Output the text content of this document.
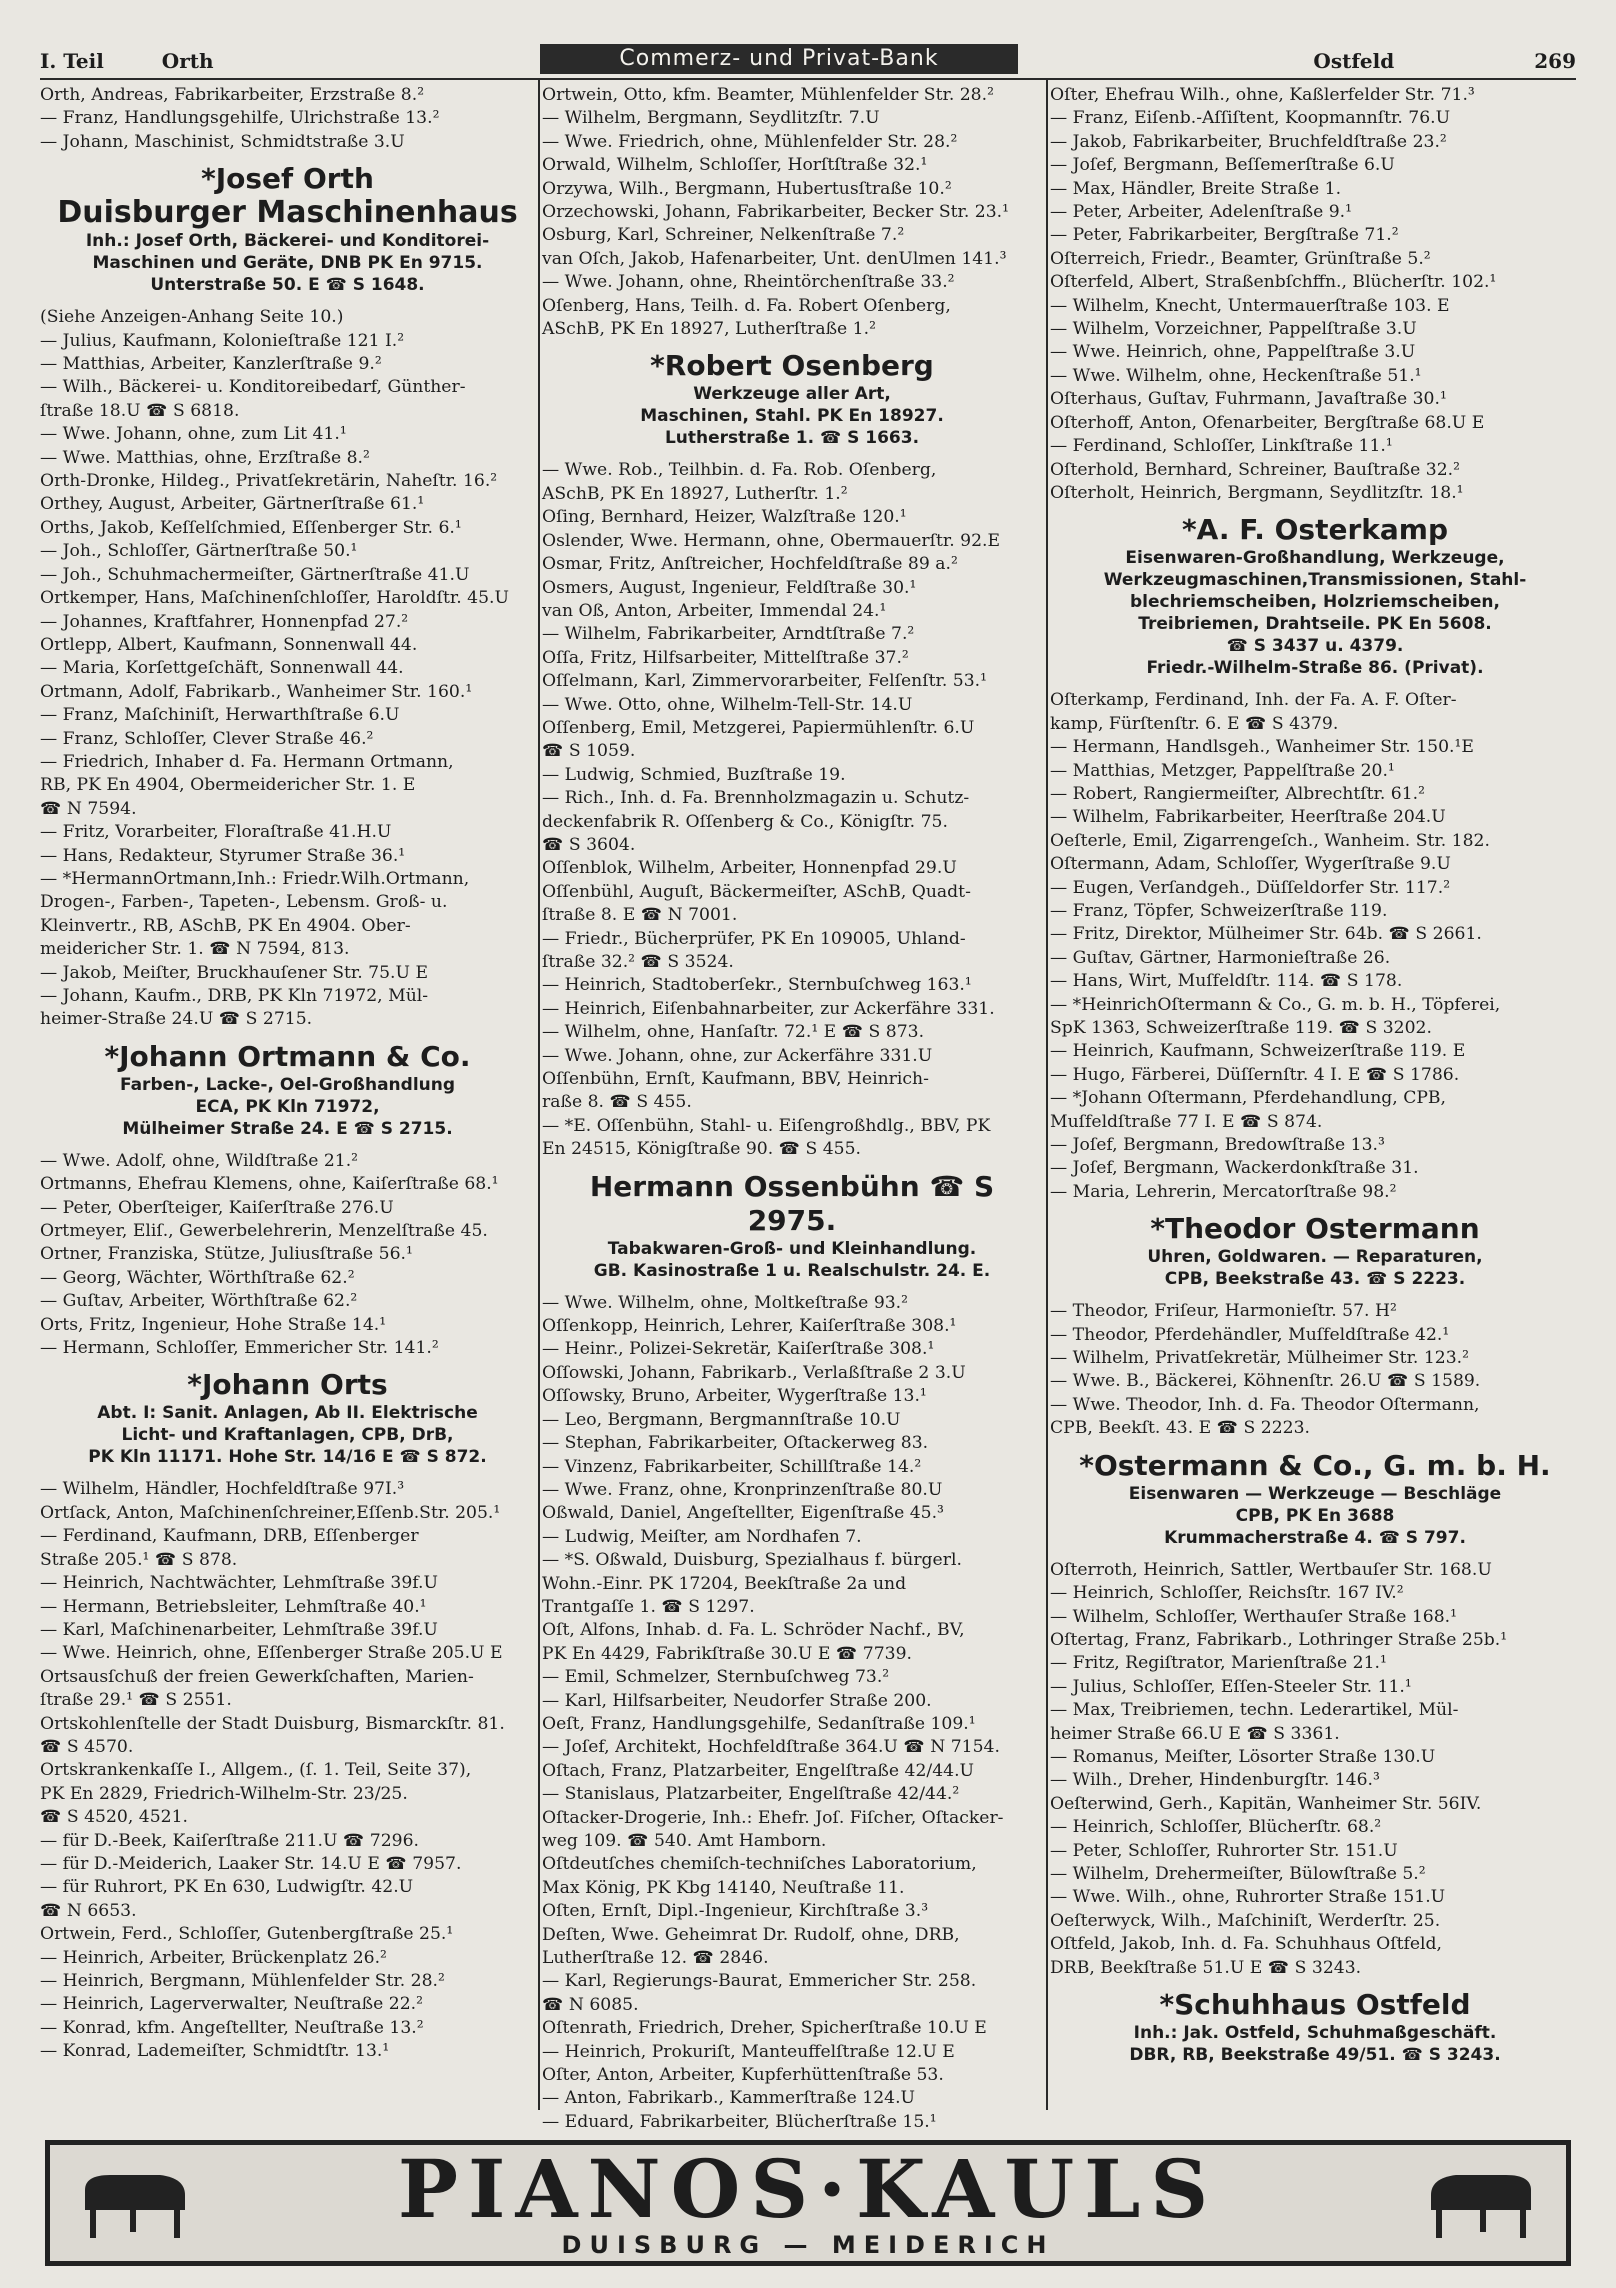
I. Teil	Orth	Ostfeld	269
Commerz- und Privat-Bank
Orth, Andreas, Fabrikarbeiter, Erzstraße 8.²
— Franz, Handlungsgehilfe, Ulrichstraße 13.²
— Johann, Maschinist, Schmidtstraße 3.U
*Josef Orth
Duisburger Maschinenhaus
Inh.: Josef Orth, Bäckerei- und Konditorei-
Maschinen und Geräte, DNB PK En 9715.
Unterstraße 50. E ☎ S 1648.
(Siehe Anzeigen-Anhang Seite 10.)
— Julius, Kaufmann, Kolonieſtraße 121 I.²
— Matthias, Arbeiter, Kanzlerſtraße 9.²
— Wilh., Bäckerei- u. Konditoreibedarf, Günther-
ſtraße 18.U ☎ S 6818.
— Wwe. Johann, ohne, zum Lit 41.¹
— Wwe. Matthias, ohne, Erzſtraße 8.²
Orth-Dronke, Hildeg., Privatſekretärin, Naheſtr. 16.²
Orthey, August, Arbeiter, Gärtnerſtraße 61.¹
Orths, Jakob, Keſſelſchmied, Eſſenberger Str. 6.¹
— Joh., Schloſſer, Gärtnerſtraße 50.¹
— Joh., Schuhmachermeiſter, Gärtnerſtraße 41.U
Ortkemper, Hans, Maſchinenſchloſſer, Haroldſtr. 45.U
— Johannes, Kraftfahrer, Honnenpfad 27.²
Ortlepp, Albert, Kaufmann, Sonnenwall 44.
— Maria, Korſettgeſchäft, Sonnenwall 44.
Ortmann, Adolf, Fabrikarb., Wanheimer Str. 160.¹
— Franz, Maſchiniſt, Herwarthſtraße 6.U
— Franz, Schloſſer, Clever Straße 46.²
— Friedrich, Inhaber d. Fa. Hermann Ortmann,
RB, PK En 4904, Obermeidericher Str. 1. E
☎ N 7594.
— Fritz, Vorarbeiter, Floraſtraße 41.H.U
— Hans, Redakteur, Styrumer Straße 36.¹
— *HermannOrtmann,Inh.: Friedr.Wilh.Ortmann,
Drogen-, Farben-, Tapeten-, Lebensm. Groß- u.
Kleinvertr., RB, ASchB, PK En 4904. Ober-
meidericher Str. 1. ☎ N 7594, 813.
— Jakob, Meiſter, Bruckhauſener Str. 75.U E
— Johann, Kaufm., DRB, PK Kln 71972, Mül-
heimer-Straße 24.U ☎ S 2715.
*Johann Ortmann & Co.
Farben-, Lacke-, Oel-Großhandlung
ECA, PK Kln 71972,
Mülheimer Straße 24. E ☎ S 2715.
— Wwe. Adolf, ohne, Wildſtraße 21.²
Ortmanns, Ehefrau Klemens, ohne, Kaiſerſtraße 68.¹
— Peter, Oberſteiger, Kaiſerſtraße 276.U
Ortmeyer, Eliſ., Gewerbelehrerin, Menzelſtraße 45.
Ortner, Franziska, Stütze, Juliusſtraße 56.¹
— Georg, Wächter, Wörthſtraße 62.²
— Guſtav, Arbeiter, Wörthſtraße 62.²
Orts, Fritz, Ingenieur, Hohe Straße 14.¹
— Hermann, Schloſſer, Emmericher Str. 141.²
*Johann Orts
Abt. I: Sanit. Anlagen, Ab II. Elektrische
Licht- und Kraftanlagen, CPB, DrB,
PK Kln 11171. Hohe Str. 14/16 E ☎ S 872.
— Wilhelm, Händler, Hochfeldſtraße 97I.³
Ortſack, Anton, Maſchinenſchreiner,Eſſenb.Str. 205.¹
— Ferdinand, Kaufmann, DRB, Eſſenberger
Straße 205.¹ ☎ S 878.
— Heinrich, Nachtwächter, Lehmſtraße 39f.U
— Hermann, Betriebsleiter, Lehmſtraße 40.¹
— Karl, Maſchinenarbeiter, Lehmſtraße 39f.U
— Wwe. Heinrich, ohne, Eſſenberger Straße 205.U E
Ortsausſchuß der freien Gewerkſchaften, Marien-
ſtraße 29.¹ ☎ S 2551.
Ortskohlenſtelle der Stadt Duisburg, Bismarckſtr. 81.
☎ S 4570.
Ortskrankenkaſſe I., Allgem., (ſ. 1. Teil, Seite 37),
PK En 2829, Friedrich-Wilhelm-Str. 23/25.
☎ S 4520, 4521.
— für D.-Beek, Kaiſerſtraße 211.U ☎ 7296.
— für D.-Meiderich, Laaker Str. 14.U E ☎ 7957.
— für Ruhrort, PK En 630, Ludwigſtr. 42.U
☎ N 6653.
Ortwein, Ferd., Schloſſer, Gutenbergſtraße 25.¹
— Heinrich, Arbeiter, Brückenplatz 26.²
— Heinrich, Bergmann, Mühlenfelder Str. 28.²
— Heinrich, Lagerverwalter, Neuſtraße 22.²
— Konrad, kfm. Angeſtellter, Neuſtraße 13.²
— Konrad, Lademeiſter, Schmidtſtr. 13.¹
Ortwein, Otto, kfm. Beamter, Mühlenfelder Str. 28.²
— Wilhelm, Bergmann, Seydlitzſtr. 7.U
— Wwe. Friedrich, ohne, Mühlenfelder Str. 28.²
Orwald, Wilhelm, Schloſſer, Horſtſtraße 32.¹
Orzywa, Wilh., Bergmann, Hubertusſtraße 10.²
Orzechowski, Johann, Fabrikarbeiter, Becker Str. 23.¹
Osburg, Karl, Schreiner, Nelkenſtraße 7.²
van Oſch, Jakob, Hafenarbeiter, Unt. denUlmen 141.³
— Wwe. Johann, ohne, Rheintörchenſtraße 33.²
Oſenberg, Hans, Teilh. d. Fa. Robert Oſenberg,
ASchB, PK En 18927, Lutherſtraße 1.²
*Robert Osenberg
Werkzeuge aller Art,
Maschinen, Stahl. PK En 18927.
Lutherstraße 1. ☎ S 1663.
— Wwe. Rob., Teilhbin. d. Fa. Rob. Oſenberg,
ASchB, PK En 18927, Lutherſtr. 1.²
Oſing, Bernhard, Heizer, Walzſtraße 120.¹
Oslender, Wwe. Hermann, ohne, Obermauerſtr. 92.E
Osmar, Fritz, Anſtreicher, Hochfeldſtraße 89 a.²
Osmers, August, Ingenieur, Feldſtraße 30.¹
van Oß, Anton, Arbeiter, Immendal 24.¹
— Wilhelm, Fabrikarbeiter, Arndtſtraße 7.²
Oſſa, Fritz, Hilfsarbeiter, Mittelſtraße 37.²
Oſſelmann, Karl, Zimmervorarbeiter, Felſenſtr. 53.¹
— Wwe. Otto, ohne, Wilhelm-Tell-Str. 14.U
Oſſenberg, Emil, Metzgerei, Papiermühlenſtr. 6.U
☎ S 1059.
— Ludwig, Schmied, Buzſtraße 19.
— Rich., Inh. d. Fa. Brennholzmagazin u. Schutz-
deckenfabrik R. Oſſenberg & Co., Königſtr. 75.
☎ S 3604.
Oſſenblok, Wilhelm, Arbeiter, Honnenpfad 29.U
Oſſenbühl, Auguſt, Bäckermeiſter, ASchB, Quadt-
ſtraße 8. E ☎ N 7001.
— Friedr., Bücherprüfer, PK En 109005, Uhland-
ſtraße 32.² ☎ S 3524.
— Heinrich, Stadtoberſekr., Sternbuſchweg 163.¹
— Heinrich, Eiſenbahnarbeiter, zur Ackerfähre 331.
— Wilhelm, ohne, Hanſaſtr. 72.¹ E ☎ S 873.
— Wwe. Johann, ohne, zur Ackerfähre 331.U
Oſſenbühn, Ernſt, Kaufmann, BBV, Heinrich-
raße 8. ☎ S 455.
— *E. Oſſenbühn, Stahl- u. Eiſengroßhdlg., BBV, PK
En 24515, Königſtraße 90. ☎ S 455.
Hermann Ossenbühn ☎ S 2975.
Tabakwaren-Groß- und Kleinhandlung.
GB. Kasinostraße 1 u. Realschulstr. 24. E.
— Wwe. Wilhelm, ohne, Moltkeſtraße 93.²
Oſſenkopp, Heinrich, Lehrer, Kaiſerſtraße 308.¹
— Heinr., Polizei-Sekretär, Kaiſerſtraße 308.¹
Oſſowski, Johann, Fabrikarb., Verlaßſtraße 2 3.U
Oſſowsky, Bruno, Arbeiter, Wygerſtraße 13.¹
— Leo, Bergmann, Bergmannſtraße 10.U
— Stephan, Fabrikarbeiter, Oſtackerweg 83.
— Vinzenz, Fabrikarbeiter, Schillſtraße 14.²
— Wwe. Franz, ohne, Kronprinzenſtraße 80.U
Oßwald, Daniel, Angeſtellter, Eigenſtraße 45.³
— Ludwig, Meiſter, am Nordhafen 7.
— *S. Oßwald, Duisburg, Spezialhaus f. bürgerl.
Wohn.-Einr. PK 17204, Beekſtraße 2a und
Trantgaſſe 1. ☎ S 1297.
Oſt, Alfons, Inhab. d. Fa. L. Schröder Nachf., BV,
PK En 4429, Fabrikſtraße 30.U E ☎ 7739.
— Emil, Schmelzer, Sternbuſchweg 73.²
— Karl, Hilfsarbeiter, Neudorfer Straße 200.
Oeſt, Franz, Handlungsgehilfe, Sedanſtraße 109.¹
— Joſef, Architekt, Hochfeldſtraße 364.U ☎ N 7154.
Oſtach, Franz, Platzarbeiter, Engelſtraße 42/44.U
— Stanislaus, Platzarbeiter, Engelſtraße 42/44.²
Oſtacker-Drogerie, Inh.: Ehefr. Joſ. Fiſcher, Oſtacker-
weg 109. ☎ 540. Amt Hamborn.
Oſtdeutſches chemiſch-techniſches Laboratorium,
Max König, PK Kbg 14140, Neuſtraße 11.
Oſten, Ernſt, Dipl.-Ingenieur, Kirchſtraße 3.³
Deſten, Wwe. Geheimrat Dr. Rudolf, ohne, DRB,
Lutherſtraße 12. ☎ 2846.
— Karl, Regierungs-Baurat, Emmericher Str. 258.
☎ N 6085.
Oſtenrath, Friedrich, Dreher, Spicherſtraße 10.U E
— Heinrich, Prokuriſt, Manteuffelſtraße 12.U E
Oſter, Anton, Arbeiter, Kupferhüttenſtraße 53.
— Anton, Fabrikarb., Kammerſtraße 124.U
— Eduard, Fabrikarbeiter, Blücherſtraße 15.¹
Oſter, Ehefrau Wilh., ohne, Kaßlerfelder Str. 71.³
— Franz, Eiſenb.-Aſſiſtent, Koopmannſtr. 76.U
— Jakob, Fabrikarbeiter, Bruchfeldſtraße 23.²
— Joſef, Bergmann, Beſſemerſtraße 6.U
— Max, Händler, Breite Straße 1.
— Peter, Arbeiter, Adelenſtraße 9.¹
— Peter, Fabrikarbeiter, Bergſtraße 71.²
Oſterreich, Friedr., Beamter, Grünſtraße 5.²
Oſterfeld, Albert, Straßenbſchffn., Blücherſtr. 102.¹
— Wilhelm, Knecht, Untermauerſtraße 103. E
— Wilhelm, Vorzeichner, Pappelſtraße 3.U
— Wwe. Heinrich, ohne, Pappelſtraße 3.U
— Wwe. Wilhelm, ohne, Heckenſtraße 51.¹
Oſterhaus, Guſtav, Fuhrmann, Javaſtraße 30.¹
Oſterhoff, Anton, Ofenarbeiter, Bergſtraße 68.U E
— Ferdinand, Schloſſer, Linkſtraße 11.¹
Oſterhold, Bernhard, Schreiner, Bauſtraße 32.²
Oſterholt, Heinrich, Bergmann, Seydlitzſtr. 18.¹
*A. F. Osterkamp
Eisenwaren-Großhandlung, Werkzeuge,
Werkzeugmaschinen,Transmissionen, Stahl-
blechriemscheiben, Holzriemscheiben,
Treibriemen, Drahtseile. PK En 5608.
☎ S 3437 u. 4379.
Friedr.-Wilhelm-Straße 86. (Privat).
Oſterkamp, Ferdinand, Inh. der Fa. A. F. Oſter-
kamp, Fürſtenſtr. 6. E ☎ S 4379.
— Hermann, Handlsgeh., Wanheimer Str. 150.¹E
— Matthias, Metzger, Pappelſtraße 20.¹
— Robert, Rangiermeiſter, Albrechtſtr. 61.²
— Wilhelm, Fabrikarbeiter, Heerſtraße 204.U
Oeſterle, Emil, Zigarrengeſch., Wanheim. Str. 182.
Oſtermann, Adam, Schloſſer, Wygerſtraße 9.U
— Eugen, Verſandgeh., Düſſeldorfer Str. 117.²
— Franz, Töpfer, Schweizerſtraße 119.
— Fritz, Direktor, Mülheimer Str. 64b. ☎ S 2661.
— Guſtav, Gärtner, Harmonieſtraße 26.
— Hans, Wirt, Muſfeldſtr. 114. ☎ S 178.
— *HeinrichOſtermann & Co., G. m. b. H., Töpferei,
SpK 1363, Schweizerſtraße 119. ☎ S 3202.
— Heinrich, Kaufmann, Schweizerſtraße 119. E
— Hugo, Färberei, Düſſernſtr. 4 I. E ☎ S 1786.
— *Johann Oſtermann, Pferdehandlung, CPB,
Muſfeldſtraße 77 I. E ☎ S 874.
— Joſef, Bergmann, Bredowſtraße 13.³
— Joſef, Bergmann, Wackerdonkſtraße 31.
— Maria, Lehrerin, Mercatorſtraße 98.²
*Theodor Ostermann
Uhren, Goldwaren. — Reparaturen,
CPB, Beekstraße 43. ☎ S 2223.
— Theodor, Friſeur, Harmonieſtr. 57. H²
— Theodor, Pferdehändler, Muſfeldſtraße 42.¹
— Wilhelm, Privatſekretär, Mülheimer Str. 123.²
— Wwe. B., Bäckerei, Köhnenſtr. 26.U ☎ S 1589.
— Wwe. Theodor, Inh. d. Fa. Theodor Oſtermann,
CPB, Beekſt. 43. E ☎ S 2223.
*Ostermann & Co., G. m. b. H.
Eisenwaren — Werkzeuge — Beschläge
CPB, PK En 3688
Krummacherstraße 4. ☎ S 797.
Oſterroth, Heinrich, Sattler, Wertbauſer Str. 168.U
— Heinrich, Schloſſer, Reichsſtr. 167 IV.²
— Wilhelm, Schloſſer, Werthauſer Straße 168.¹
Oſtertag, Franz, Fabrikarb., Lothringer Straße 25b.¹
— Fritz, Regiſtrator, Marienſtraße 21.¹
— Julius, Schloſſer, Eſſen-Steeler Str. 11.¹
— Max, Treibriemen, techn. Lederartikel, Mül-
heimer Straße 66.U E ☎ S 3361.
— Romanus, Meiſter, Lösorter Straße 130.U
— Wilh., Dreher, Hindenburgſtr. 146.³
Oeſterwind, Gerh., Kapitän, Wanheimer Str. 56IV.
— Heinrich, Schloſſer, Blücherſtr. 68.²
— Peter, Schloſſer, Ruhrorter Str. 151.U
— Wilhelm, Drehermeiſter, Bülowſtraße 5.²
— Wwe. Wilh., ohne, Ruhrorter Straße 151.U
Oeſterwyck, Wilh., Maſchiniſt, Werderſtr. 25.
Oſtfeld, Jakob, Inh. d. Fa. Schuhhaus Oſtfeld,
DRB, Beekſtraße 51.U E ☎ S 3243.
*Schuhhaus Ostfeld
Inh.: Jak. Ostfeld, Schuhmaßgeschäft.
DBR, RB, Beekstraße 49/51. ☎ S 3243.
PIANOS·KAULS
DUISBURG — MEIDERICH
